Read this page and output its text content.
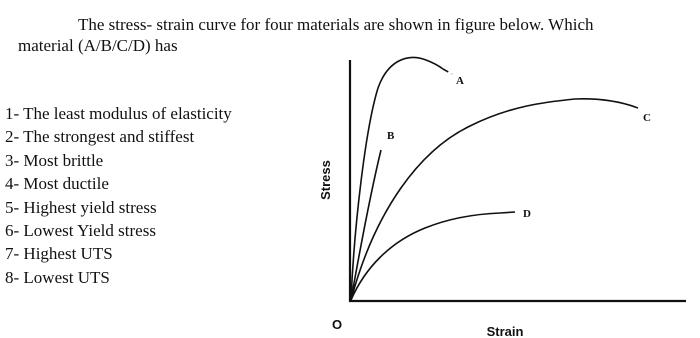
The stress- strain curve for four materials are shown in figure below. Which
material (A/B/C/D) has
1- The least modulus of elasticity
2- The strongest and stiffest
3- Most brittle
4- Most ductile
5- Highest yield stress
6- Lowest Yield stress
7- Highest UTS
8- Lowest UTS
A
B
C
D
Stress
Strain
O
